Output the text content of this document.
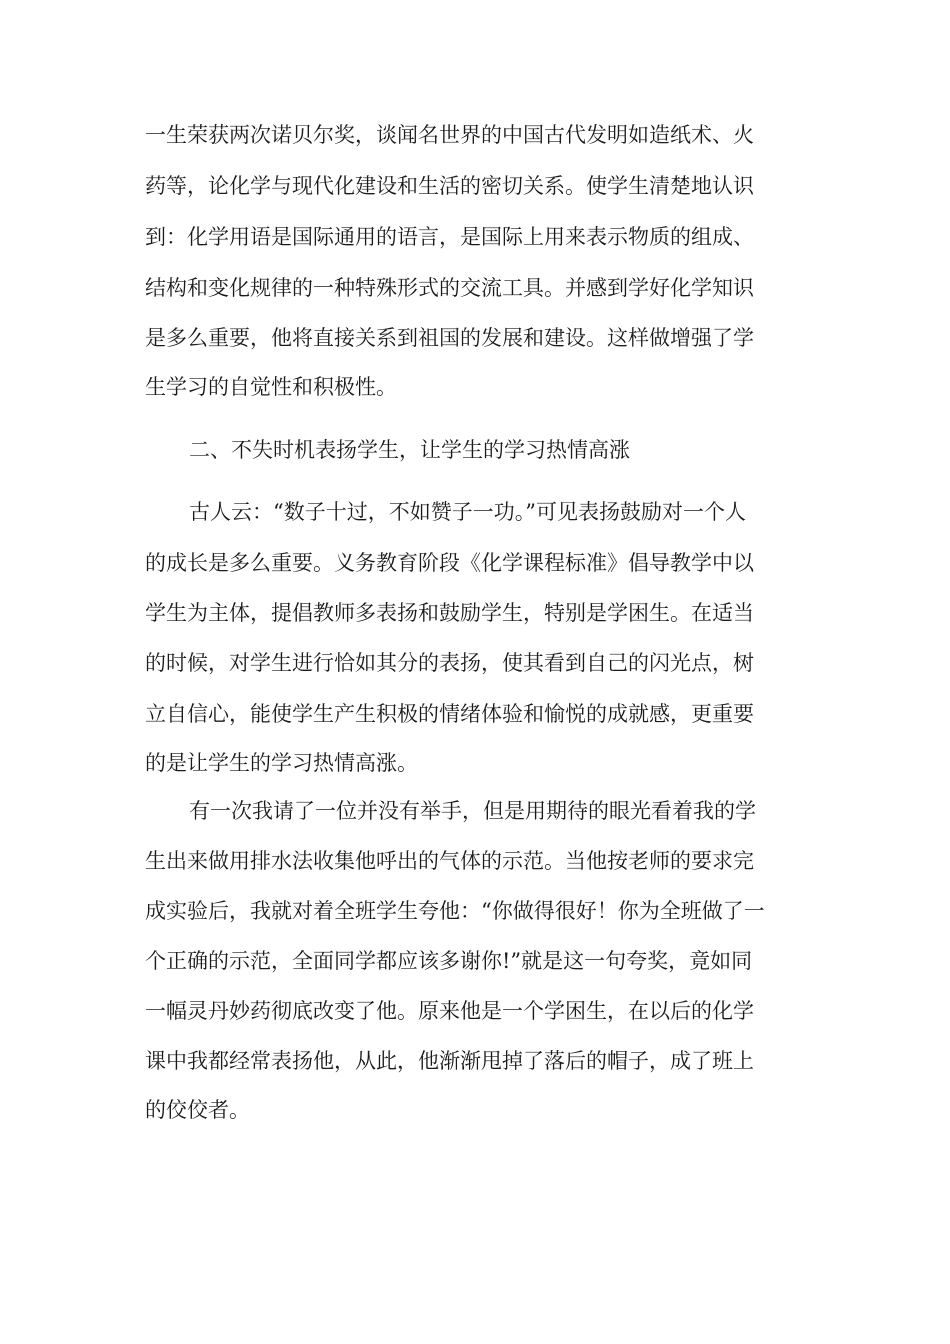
一生荣获两次诺贝尔奖，谈闻名世界的中国古代发明如造纸术、火
药等，论化学与现代化建设和生活的密切关系。使学生清楚地认识
到：化学用语是国际通用的语言，是国际上用来表示物质的组成、
结构和变化规律的一种特殊形式的交流工具。并感到学好化学知识
是多么重要，他将直接关系到祖国的发展和建设。这样做增强了学
生学习的自觉性和积极性。
二、不失时机表扬学生，让学生的学习热情高涨
古人云：“数子十过，不如赞子一功。”可见表扬鼓励对一个人
的成长是多么重要。义务教育阶段《化学课程标准》倡导教学中以
学生为主体，提倡教师多表扬和鼓励学生，特别是学困生。在适当
的时候，对学生进行恰如其分的表扬，使其看到自己的闪光点，树
立自信心，能使学生产生积极的情绪体验和愉悦的成就感，更重要
的是让学生的学习热情高涨。
有一次我请了一位并没有举手，但是用期待的眼光看着我的学
生出来做用排水法收集他呼出的气体的示范。当他按老师的要求完
成实验后，我就对着全班学生夸他：“你做得很好！你为全班做了一
个正确的示范，全面同学都应该多谢你!”就是这一句夸奖，竟如同
一幅灵丹妙药彻底改变了他。原来他是一个学困生，在以后的化学
课中我都经常表扬他，从此，他渐渐甩掉了落后的帽子，成了班上
的佼佼者。
